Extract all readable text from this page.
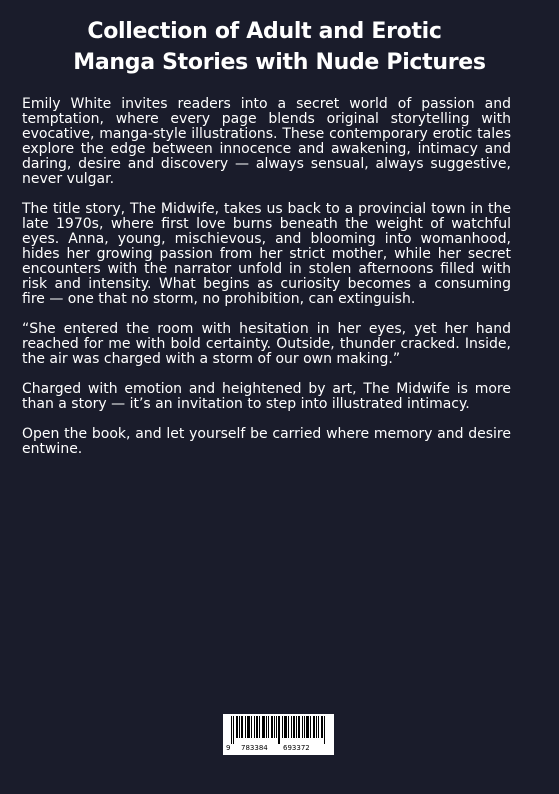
Collection of Adult and Erotic
Manga Stories with Nude Pictures

Emily White invites readers into a secret world of passion and temptation, where every page blends original storytelling with evocative, manga-style illustrations. These contemporary erotic tales explore the edge between innocence and awakening, intimacy and daring, desire and discovery — always sensual, always suggestive, never vulgar.

The title story, The Midwife, takes us back to a provincial town in the late 1970s, where first love burns beneath the weight of watchful eyes. Anna, young, mischievous, and blooming into womanhood, hides her growing passion from her strict mother, while her secret encounters with the narrator unfold in stolen afternoons filled with risk and intensity. What begins as curiosity becomes a consuming fire — one that no storm, no prohibition, can extinguish.

“She entered the room with hesitation in her eyes, yet her hand reached for me with bold certainty. Outside, thunder cracked. Inside, the air was charged with a storm of our own making.”

Charged with emotion and heightened by art, The Midwife is more than a story — it’s an invitation to step into illustrated intimacy.

Open the book, and let yourself be carried where memory and desire entwine.

9 783384 693372
